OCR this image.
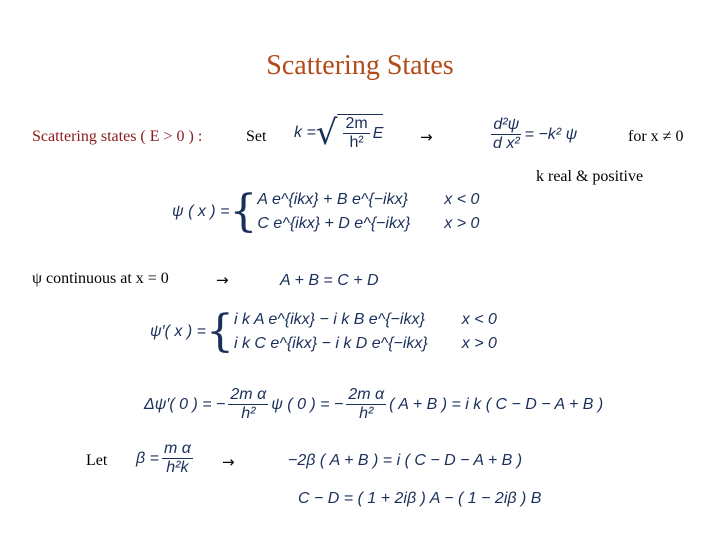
Scattering States
Scattering states ( E > 0 ) :	Set k = √ $\frac{2m}{\text{h²}}$ E →	$\frac{\text{d²ψ}}{\text{d x²}} = -k^2$ ψ	for x ≠ 0
k real & positive
ψ ( x ) = { A e^{ikx} + B e^{−ikx} x < 0
C e^{ikx} + D e^{−ikx} x > 0
ψ continuous at x = 0	→	A + B = C + D
ψ′( x ) = { i k A e^{ikx} − i k B e^{−ikx} x < 0
i k C e^{ikx} − i k D e^{−ikx} x > 0
Δψ′( 0 ) = − $\frac{\text{2m α}}{\text{h²}}$ ψ ( 0 ) = − $\frac{\text{2m α}}{\text{h²}}$ ( A + B ) = i k ( C − D − A + B )
Let $\beta = \frac{\text{m α}}{\text{h²k}}$ →	−2β ( A + B ) = i ( C − D − A + B )
C − D = ( 1 + 2iβ ) A − ( 1 − 2iβ ) B
